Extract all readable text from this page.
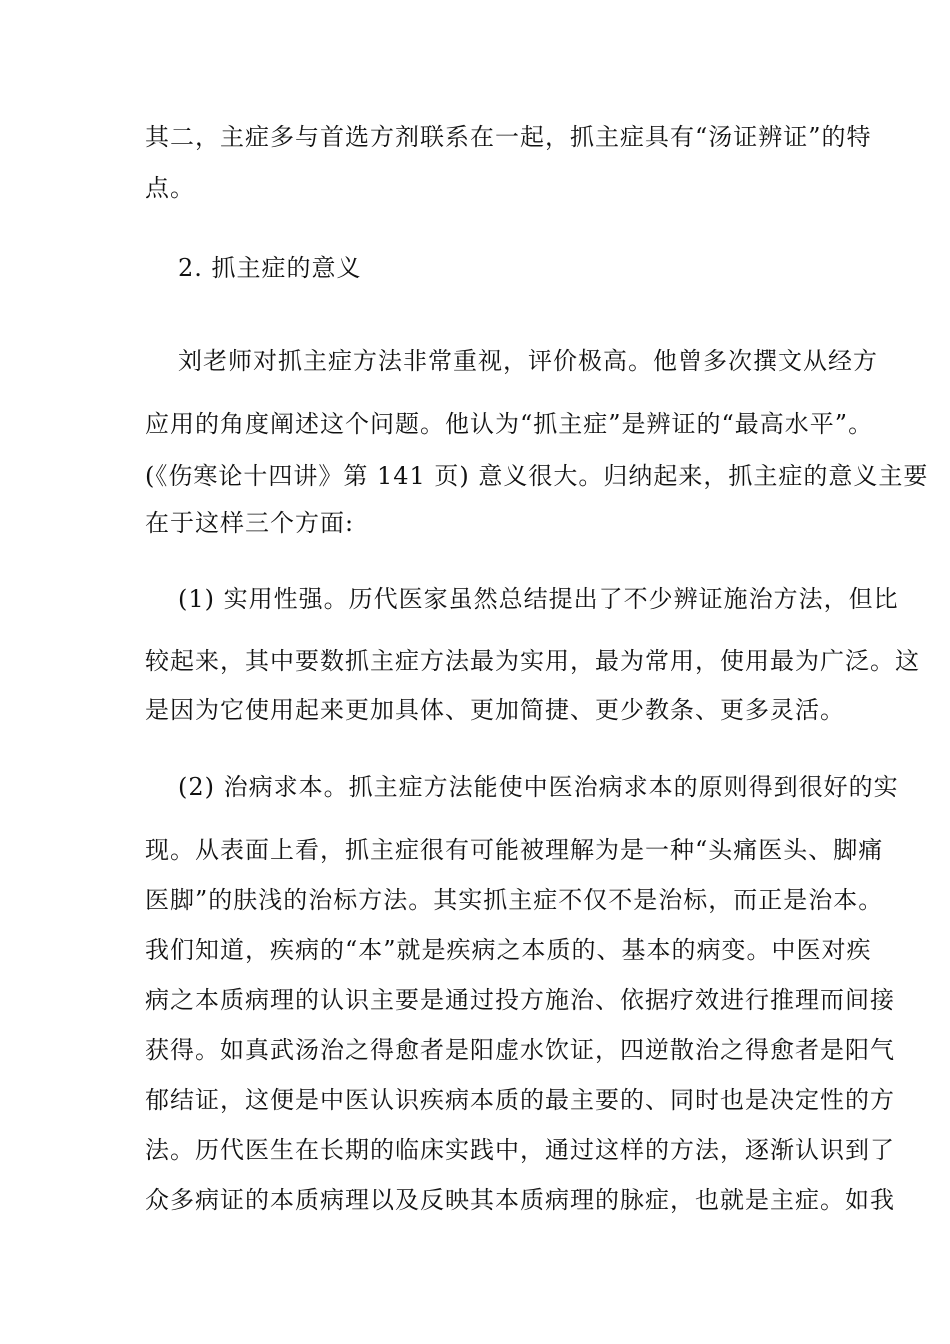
其二，主症多与首选方剂联系在一起，抓主症具有“汤证辨证”的特

点。

2. 抓主症的意义

刘老师对抓主症方法非常重视，评价极高。他曾多次撰文从经方

应用的角度阐述这个问题。他认为“抓主症”是辨证的“最高水平”。

(《伤寒论十四讲》第 141 页) 意义很大。归纳起来，抓主症的意义主要

在于这样三个方面:

(1) 实用性强。历代医家虽然总结提出了不少辨证施治方法，但比

较起来，其中要数抓主症方法最为实用，最为常用，使用最为广泛。这

是因为它使用起来更加具体、更加简捷、更少教条、更多灵活。

(2) 治病求本。抓主症方法能使中医治病求本的原则得到很好的实

现。从表面上看，抓主症很有可能被理解为是一种“头痛医头、脚痛

医脚”的肤浅的治标方法。其实抓主症不仅不是治标，而正是治本。

我们知道，疾病的“本”就是疾病之本质的、基本的病变。中医对疾

病之本质病理的认识主要是通过投方施治、依据疗效进行推理而间接

获得。如真武汤治之得愈者是阳虚水饮证，四逆散治之得愈者是阳气

郁结证，这便是中医认识疾病本质的最主要的、同时也是决定性的方

法。历代医生在长期的临床实践中，通过这样的方法，逐渐认识到了

众多病证的本质病理以及反映其本质病理的脉症，也就是主症。如我
